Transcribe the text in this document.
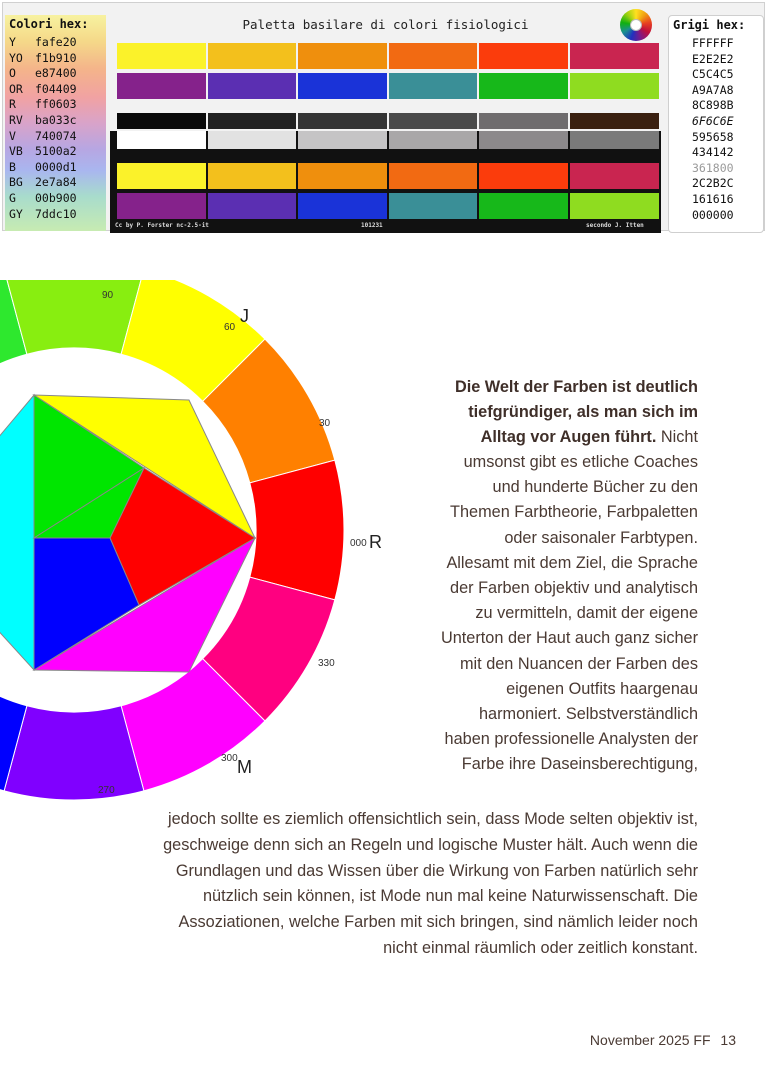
Colori hex:
Y fafe20
YO f1b910
O e87400
OR f04409
R ff0603
RV ba033c
V 740074
VB 5100a2
B 0000d1
BG 2e7a84
G 00b900
GY 7ddc10
Paletta basilare di colori fisiologici
Cc by P. Forster nc-2.5-it	101231	secondo J. Itten
Grigi hex:
FFFFFF
E2E2E2
C5C4C5
A9A7A8
8C898B
6F6C6E
595658
434142
361800
2C2B2C
161616
000000
90
60
J
30
000 R
330
300 M
270
Die Welt der Farben ist deutlich
tiefgründiger, als man sich im
Alltag vor Augen führt. Nicht
umsonst gibt es etliche Coaches
und hunderte Bücher zu den
Themen Farbtheorie, Farbpaletten
oder saisonaler Farbtypen.
Allesamt mit dem Ziel, die Sprache
der Farben objektiv und analytisch
zu vermitteln, damit der eigene
Unterton der Haut auch ganz sicher
mit den Nuancen der Farben des
eigenen Outfits haargenau
harmoniert. Selbstverständlich
haben professionelle Analysten der
Farbe ihre Daseinsberechtigung,
jedoch sollte es ziemlich offensichtlich sein, dass Mode selten objektiv ist,
geschweige denn sich an Regeln und logische Muster hält. Auch wenn die
Grundlagen und das Wissen über die Wirkung von Farben natürlich sehr
nützlich sein können, ist Mode nun mal keine Naturwissenschaft. Die
Assoziationen, welche Farben mit sich bringen, sind nämlich leider noch
nicht einmal räumlich oder zeitlich konstant.
November 2025 FF 13
